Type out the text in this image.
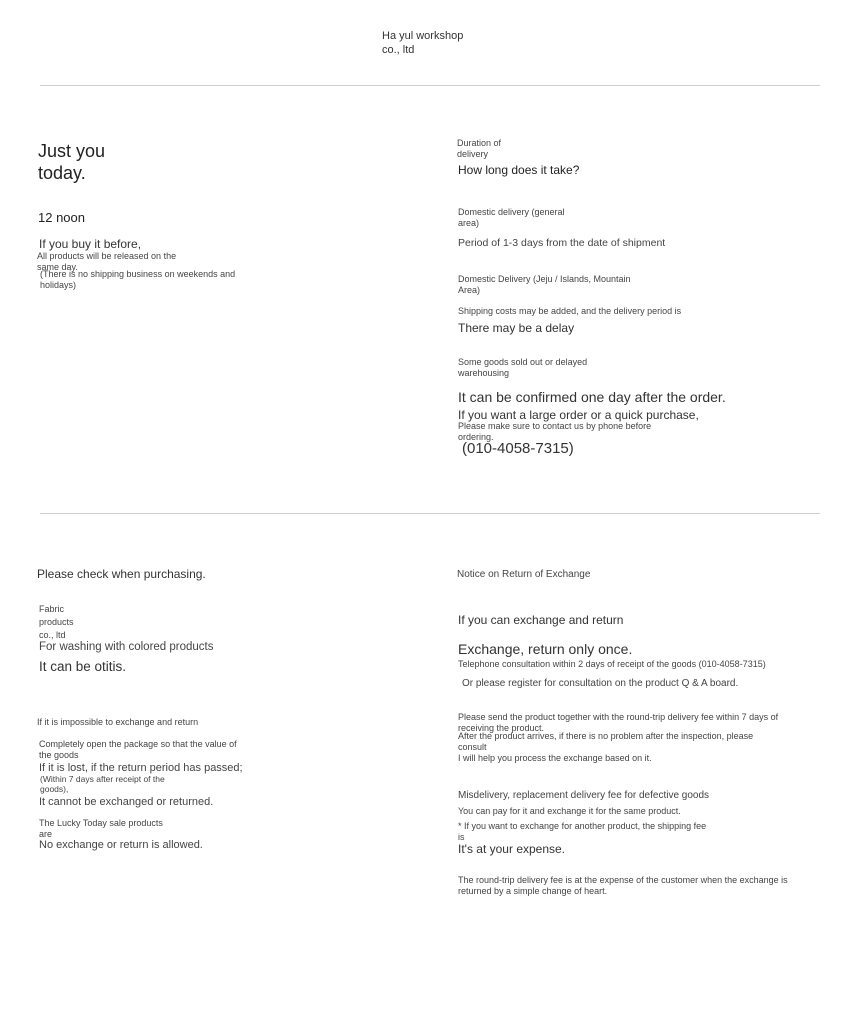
Ha yul workshop
co., ltd
Just you
today.
12 noon
If you buy it before,
All products will be released on the
same day.
(There is no shipping business on weekends and
holidays)
Duration of
delivery
How long does it take?
Domestic delivery (general
area)
Period of 1-3 days from the date of shipment
Domestic Delivery (Jeju / Islands, Mountain
Area)
Shipping costs may be added, and the delivery period is
There may be a delay
Some goods sold out or delayed
warehousing
It can be confirmed one day after the order.
If you want a large order or a quick purchase,
Please make sure to contact us by phone before
ordering.
(010-4058-7315)
Please check when purchasing.
Fabric
products
co., ltd
For washing with colored products
It can be otitis.
If it is impossible to exchange and return
Completely open the package so that the value of
the goods
If it is lost, if the return period has passed;
(Within 7 days after receipt of the
goods),
It cannot be exchanged or returned.
The Lucky Today sale products
are
No exchange or return is allowed.
Notice on Return of Exchange
If you can exchange and return
Exchange, return only once.
Telephone consultation within 2 days of receipt of the goods (010-4058-7315)
Or please register for consultation on the product Q & A board.
Please send the product together with the round-trip delivery fee within 7 days of
receiving the product.
After the product arrives, if there is no problem after the inspection, please
consult
I will help you process the exchange based on it.
Misdelivery, replacement delivery fee for defective goods
You can pay for it and exchange it for the same product.
* If you want to exchange for another product, the shipping fee
is
It's at your expense.
The round-trip delivery fee is at the expense of the customer when the exchange is
returned by a simple change of heart.
